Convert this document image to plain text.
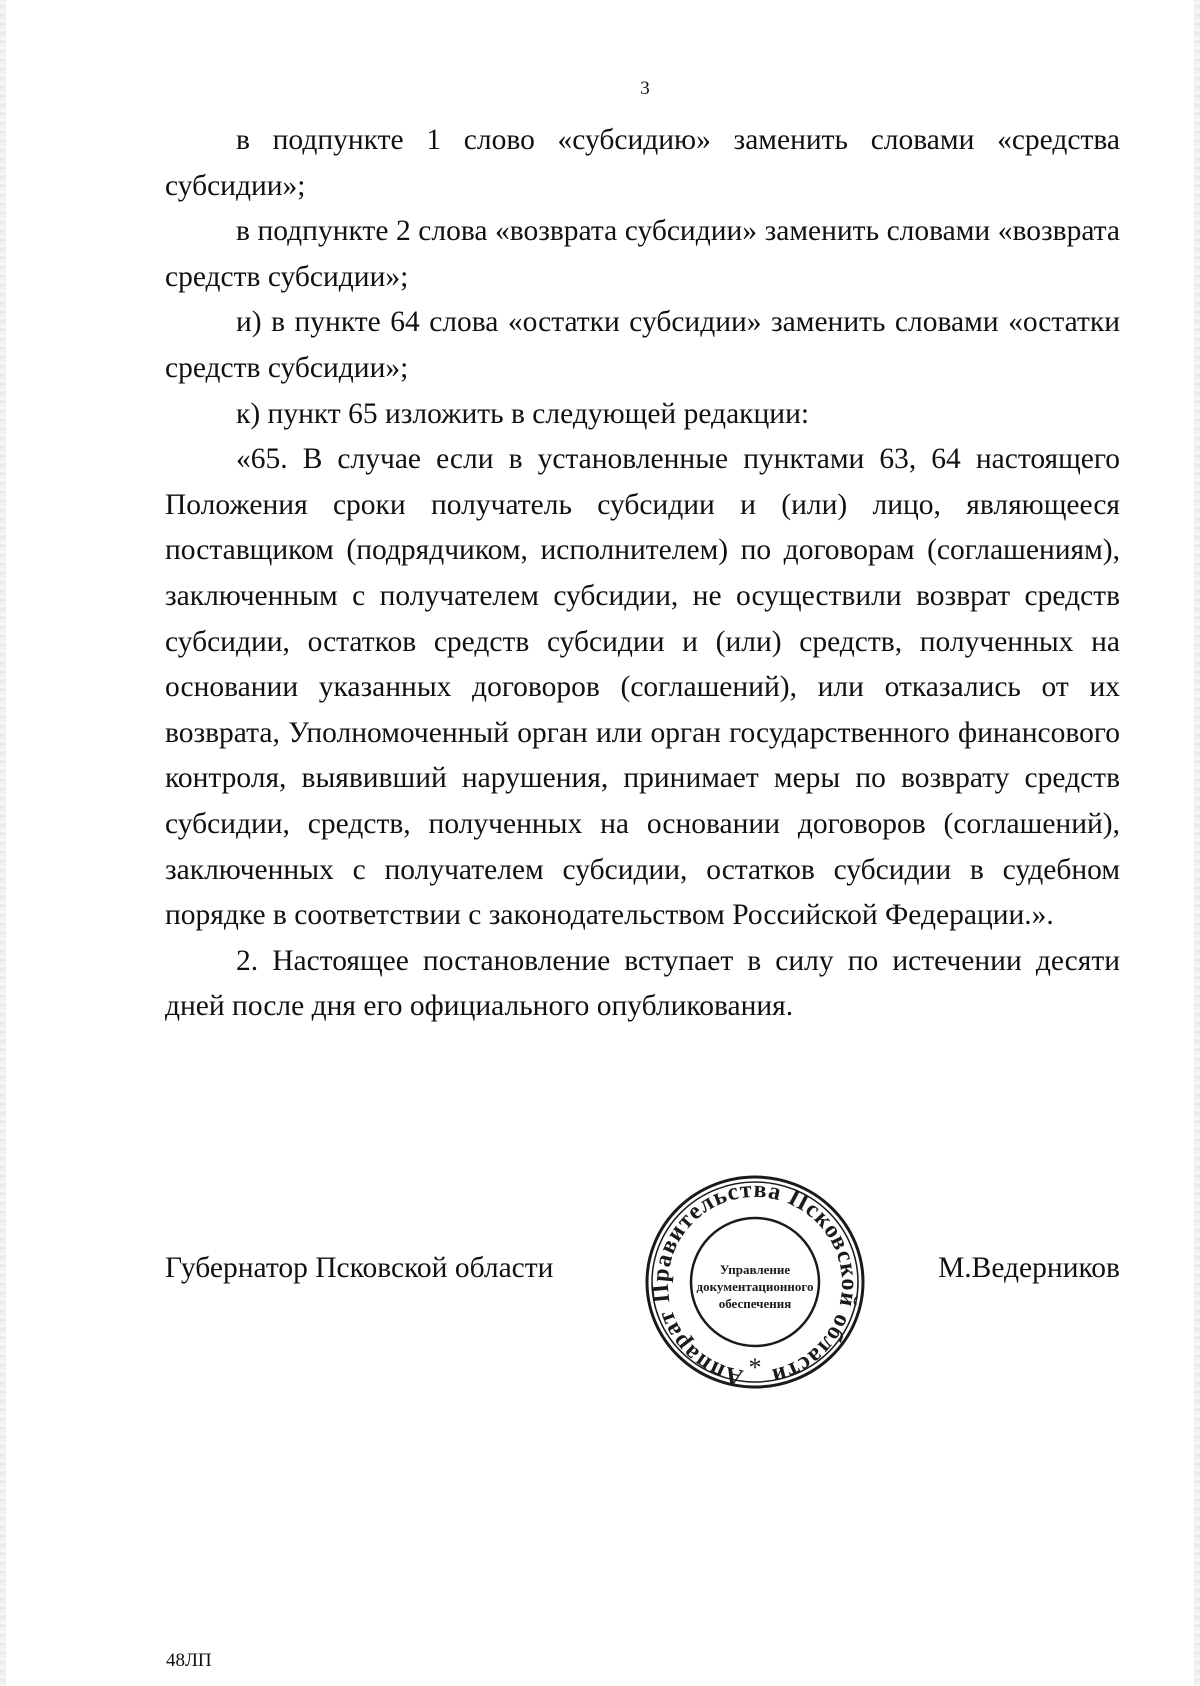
3

в подпункте 1 слово «субсидию» заменить словами «средства субсидии»;

в подпункте 2 слова «возврата субсидии» заменить словами «возврата средств субсидии»;

и) в пункте 64 слова «остатки субсидии» заменить словами «остатки средств субсидии»;

к) пункт 65 изложить в следующей редакции:

«65. В случае если в установленные пунктами 63, 64 настоящего Положения сроки получатель субсидии и (или) лицо, являющееся поставщиком (подрядчиком, исполнителем) по договорам (соглашениям), заключенным с получателем субсидии, не осуществили возврат средств субсидии, остатков средств субсидии и (или) средств, полученных на основании указанных договоров (соглашений), или отказались от их возврата, Уполномоченный орган или орган государственного финансового контроля, выявивший нарушения, принимает меры по возврату средств субсидии, средств, полученных на основании договоров (соглашений), заключенных с получателем субсидии, остатков субсидии в судебном порядке в соответствии с законодательством Российской Федерации.».

2. Настоящее постановление вступает в силу по истечении десяти дней после дня его официального опубликования.

Губернатор Псковской области	М.Ведерников
Аппарат Правительства Псковской области
Управление
документационного
обеспечения
*
48ЛП
